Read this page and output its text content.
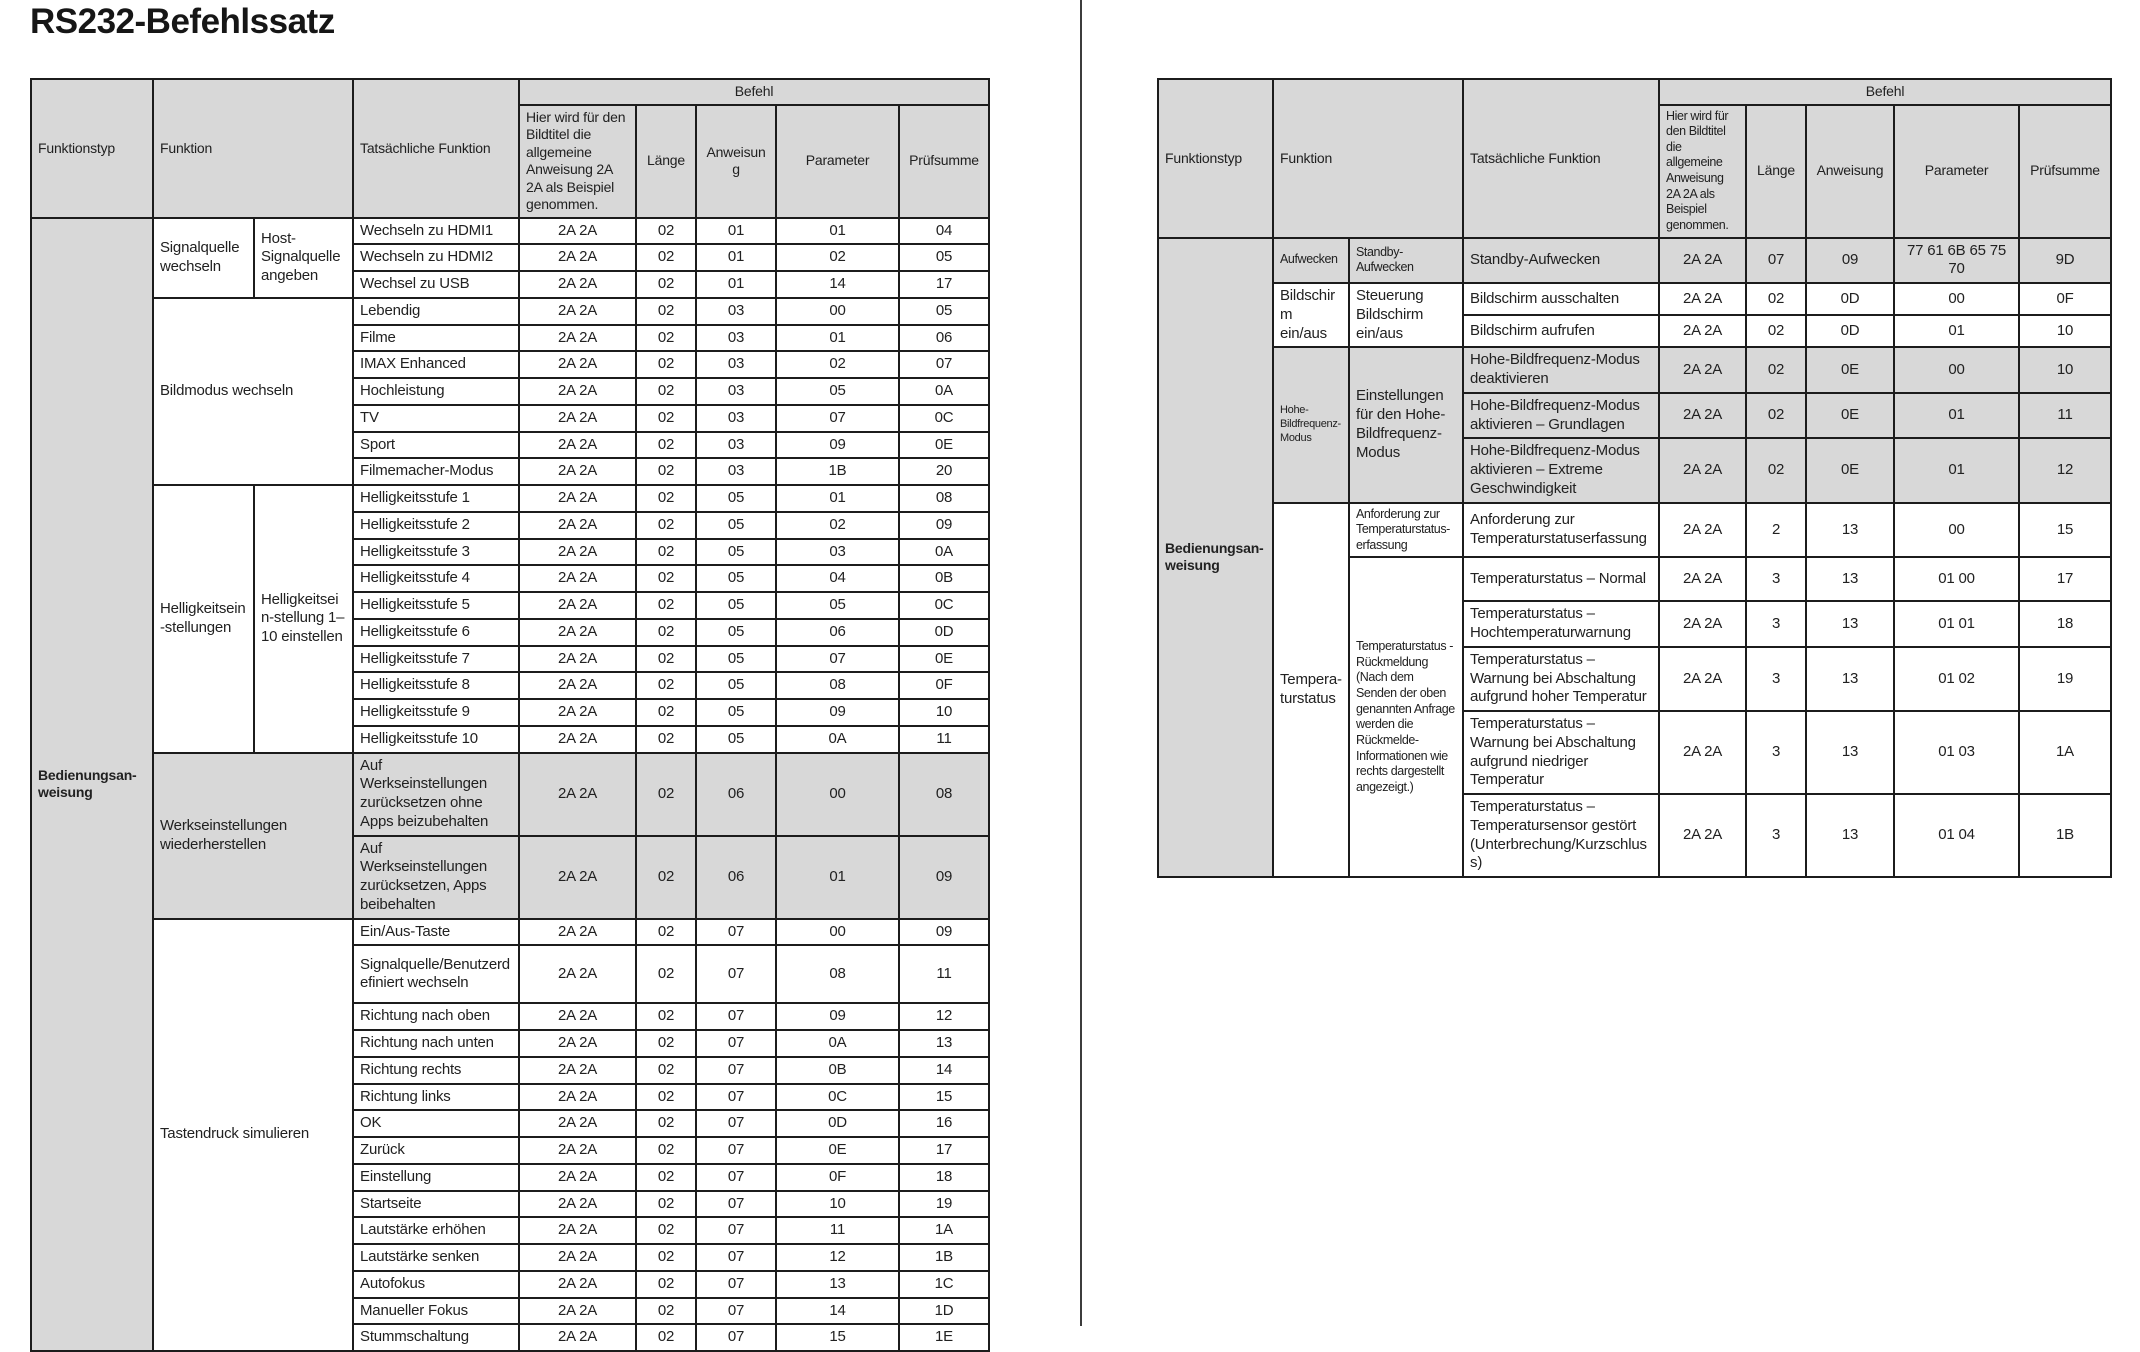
RS232-Befehlssatz
Funktionstyp	Funktion		Tatsächliche Funktion	Befehl				
				Hier wird für den Bildtitel die allgemeine Anweisung 2A 2A als Beispiel genommen.	Länge	Anweisung	Parameter	Prüfsumme
Bedienungsan-weisung	Signalquelle wechseln	Host-Signalquelle angeben	Wechseln zu HDMI1	2A 2A	02	01	01	04
			Wechseln zu HDMI2	2A 2A	02	01	02	05
			Wechsel zu USB	2A 2A	02	01	14	17
	Bildmodus wechseln		Lebendig	2A 2A	02	03	00	05
			Filme	2A 2A	02	03	01	06
			IMAX Enhanced	2A 2A	02	03	02	07
			Hochleistung	2A 2A	02	03	05	0A
			TV	2A 2A	02	03	07	0C
			Sport	2A 2A	02	03	09	0E
			Filmemacher-Modus	2A 2A	02	03	1B	20
	Helligkeitsein-stellungen	Helligkeitsein-stellung 1–10 einstellen	Helligkeitsstufe 1	2A 2A	02	05	01	08
			Helligkeitsstufe 2	2A 2A	02	05	02	09
			Helligkeitsstufe 3	2A 2A	02	05	03	0A
			Helligkeitsstufe 4	2A 2A	02	05	04	0B
			Helligkeitsstufe 5	2A 2A	02	05	05	0C
			Helligkeitsstufe 6	2A 2A	02	05	06	0D
			Helligkeitsstufe 7	2A 2A	02	05	07	0E
			Helligkeitsstufe 8	2A 2A	02	05	08	0F
			Helligkeitsstufe 9	2A 2A	02	05	09	10
			Helligkeitsstufe 10	2A 2A	02	05	0A	11
	Werkseinstellungen wiederherstellen		Auf Werkseinstellungen zurücksetzen ohne Apps beizubehalten	2A 2A	02	06	00	08
			Auf Werkseinstellungen zurücksetzen, Apps beibehalten	2A 2A	02	06	01	09
	Tastendruck simulieren		Ein/Aus-Taste	2A 2A	02	07	00	09
			Signalquelle/Benutzerdefiniert wechseln	2A 2A	02	07	08	11
			Richtung nach oben	2A 2A	02	07	09	12
			Richtung nach unten	2A 2A	02	07	0A	13
			Richtung rechts	2A 2A	02	07	0B	14
			Richtung links	2A 2A	02	07	0C	15
			OK	2A 2A	02	07	0D	16
			Zurück	2A 2A	02	07	0E	17
			Einstellung	2A 2A	02	07	0F	18
			Startseite	2A 2A	02	07	10	19
			Lautstärke erhöhen	2A 2A	02	07	11	1A
			Lautstärke senken	2A 2A	02	07	12	1B
			Autofokus	2A 2A	02	07	13	1C
			Manueller Fokus	2A 2A	02	07	14	1D
			Stummschaltung	2A 2A	02	07	15	1E
Funktionstyp	Funktion		Tatsächliche Funktion	Befehl				
				Hier wird für den Bildtitel die allgemeine Anweisung 2A 2A als Beispiel genommen.	Länge	Anweisung	Parameter	Prüfsumme
Bedienungsan-weisung	Aufwecken	Standby-Aufwecken	Standby-Aufwecken	2A 2A	07	09	77 61 6B 65 75 70	9D
	Bildschirm ein/aus	Steuerung Bildschirm ein/aus	Bildschirm ausschalten	2A 2A	02	0D	00	0F
			Bildschirm aufrufen	2A 2A	02	0D	01	10
	Hohe-Bildfrequenz-Modus	Einstellungen für den Hohe-Bildfrequenz-Modus	Hohe-Bildfrequenz-Modus deaktivieren	2A 2A	02	0E	00	10
			Hohe-Bildfrequenz-Modus aktivieren – Grundlagen	2A 2A	02	0E	01	11
			Hohe-Bildfrequenz-Modus aktivieren – Extreme Geschwindigkeit	2A 2A	02	0E	01	12
	Tempera-turstatus	Anforderung zur Temperaturstatus-erfassung	Anforderung zur Temperaturstatuserfassung	2A 2A	2	13	00	15
		Temperaturstatus -Rückmeldung (Nach dem Senden der oben genannten Anfrage werden die Rückmelde-Informationen wie rechts dargestellt angezeigt.)	Temperaturstatus – Normal	2A 2A	3	13	01 00	17
			Temperaturstatus – Hochtemperaturwarnung	2A 2A	3	13	01 01	18
			Temperaturstatus – Warnung bei Abschaltung aufgrund hoher Temperatur	2A 2A	3	13	01 02	19
			Temperaturstatus – Warnung bei Abschaltung aufgrund niedriger Temperatur	2A 2A	3	13	01 03	1A
			Temperaturstatus – Temperatursensor gestört (Unterbrechung/Kurzschluss)	2A 2A	3	13	01 04	1B
